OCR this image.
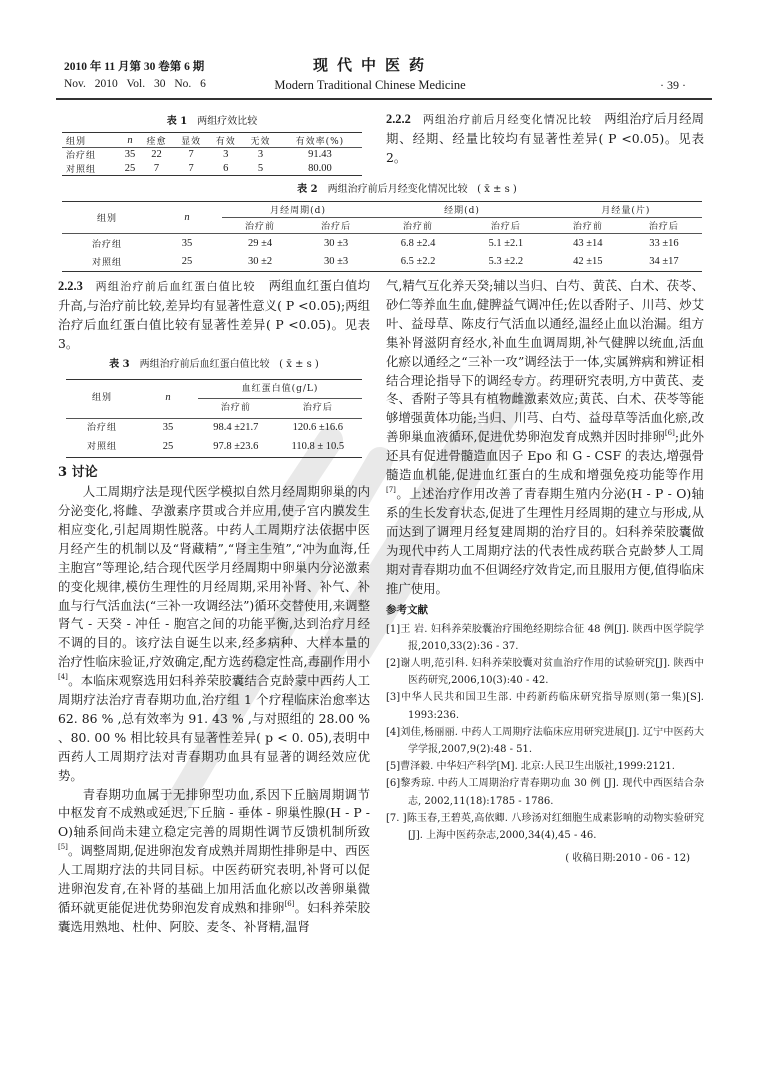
2010 年 11 月第 30 卷第 6 期
Nov. 2010 Vol. 30 No. 6
现代中医药
Modern Traditional Chinese Medicine	· 39 ·
表 1 两组疗效比较
组别	n	痊愈	显效	有效	无效	有效率(%)
治疗组	35	22	7	3	3	91.43
对照组	25	7	7	6	5	80.00

2.2.2 两组治疗前后月经变化情况比较 两组治疗后月经周期、经期、经量比较均有显著性差异( P <0.05)。见表 2。

表 2 两组治疗前后月经变化情况比较 ( x̄ ± s )
组别	n	月经周期(d)		经期(d)		月经量(片)	
		治疗前	治疗后	治疗前	治疗后	治疗前	治疗后
治疗组	35	29 ±4	30 ±3	6.8 ±2.4	5.1 ±2.1	43 ±14	33 ±16
对照组	25	30 ±2	30 ±3	6.5 ±2.2	5.3 ±2.2	42 ±15	34 ±17

2.2.3 两组治疗前后血红蛋白值比较 两组血红蛋白值均升高,与治疗前比较,差异均有显著性意义( P <0.05);两组治疗后血红蛋白值比较有显著性差异( P <0.05)。见表 3。

表 3 两组治疗前后血红蛋白值比较 ( x̄ ± s )
组别	n	血红蛋白值(g/L)	
		治疗前	治疗后
治疗组	35	98.4 ±21.7	120.6 ±16.6
对照组	25	97.8 ±23.6	110.8 ± 10.5
3 讨论

人工周期疗法是现代医学模拟自然月经周期卵巢的内分泌变化,将雌、孕激素序贯或合并应用,使子宫内膜发生相应变化,引起周期性脱落。中药人工周期疗法依据中医月经产生的机制以及“肾藏精”,“肾主生殖”,“冲为血海,任主胞宫”等理论,结合现代医学月经周期中卵巢内分泌激素的变化规律,模仿生理性的月经周期,采用补肾、补气、补血与行气活血法(“三补一攻调经法”)循环交替使用,来调整肾气 - 天癸 - 冲任 - 胞宫之间的功能平衡,达到治疗月经不调的目的。该疗法自诞生以来,经多病种、大样本量的治疗性临床验证,疗效确定,配方选药稳定性高,毒副作用小[4]。本临床观察选用妇科养荣胶囊结合克龄蒙中西药人工周期疗法治疗青春期功血,治疗组 1 个疗程临床治愈率达 62. 86 % ,总有效率为 91. 43 % ,与对照组的 28.00 % 、80. 00 % 相比较具有显著性差异( p < 0. 05),表明中西药人工周期疗法对青春期功血具有显著的调经效应优势。

青春期功血属于无排卵型功血,系因下丘脑周期调节中枢发育不成熟或延迟,下丘脑 - 垂体 - 卵巢性腺(H - P - O)轴系间尚未建立稳定完善的周期性调节反馈机制所致[5]。调整周期,促进卵泡发育成熟并周期性排卵是中、西医人工周期疗法的共同目标。中医药研究表明,补肾可以促进卵泡发育,在补肾的基础上加用活血化瘀以改善卵巢微循环就更能促进优势卵泡发育成熟和排卵[6]。妇科养荣胶囊选用熟地、杜仲、阿胶、麦冬、补肾精,温肾

气,精气互化养天癸;辅以当归、白芍、黄芪、白术、茯苓、砂仁等养血生血,健脾益气调冲任;佐以香附子、川芎、炒艾叶、益母草、陈皮行气活血以通经,温经止血以治漏。组方集补肾滋阴育经水,补血生血调周期,补气健脾以统血,活血化瘀以通经之“三补一攻”调经法于一体,实属辨病和辨证相结合理论指导下的调经专方。药理研究表明,方中黄芪、麦冬、香附子等具有植物雌激素效应;黄芪、白术、茯苓等能够增强黄体功能;当归、川芎、白芍、益母草等活血化瘀,改善卵巢血液循环,促进优势卵泡发育成熟并因时排卵[6];此外还具有促进骨髓造血因子 Epo 和 G - CSF 的表达,增强骨髓造血机能,促进血红蛋白的生成和增强免疫功能等作用[7]。上述治疗作用改善了青春期生殖内分泌(H - P - O)轴系的生长发育状态,促进了生理性月经周期的建立与形成,从而达到了调理月经复建周期的治疗目的。妇科养荣胶囊做为现代中药人工周期疗法的代表性成药联合克龄梦人工周期对青春期功血不但调经疗效肯定,而且服用方便,值得临床推广使用。

参考文献

[1]王 岩. 妇科养荣胶囊治疗围绝经期综合征 48 例[J]. 陕西中医学院学报,2010,33(2):36 - 37.

[2]谢人明,范引科. 妇科养荣胶囊对贫血治疗作用的试验研究[J]. 陕西中医药研究,2006,10(3):40 - 42.

[3]中华人民共和国卫生部. 中药新药临床研究指导原则(第一集)[S]. 1993:236.

[4]刘佳,杨丽丽. 中药人工周期疗法临床应用研究进展[J]. 辽宁中医药大学学报,2007,9(2):48 - 51.

[5]曹泽毅. 中华妇产科学[M]. 北京:人民卫生出版社,1999:2121.

[6]黎秀琼. 中药人工周期治疗青春期功血 30 例 [J]. 现代中西医结合杂志, 2002,11(18):1785 - 1786.

[7. ]陈玉春,王碧英,高依卿. 八珍汤对红细胞生成素影响的动物实验研究[J]. 上海中医药杂志,2000,34(4),45 - 46.

( 收稿日期:2010 - 06 - 12)
